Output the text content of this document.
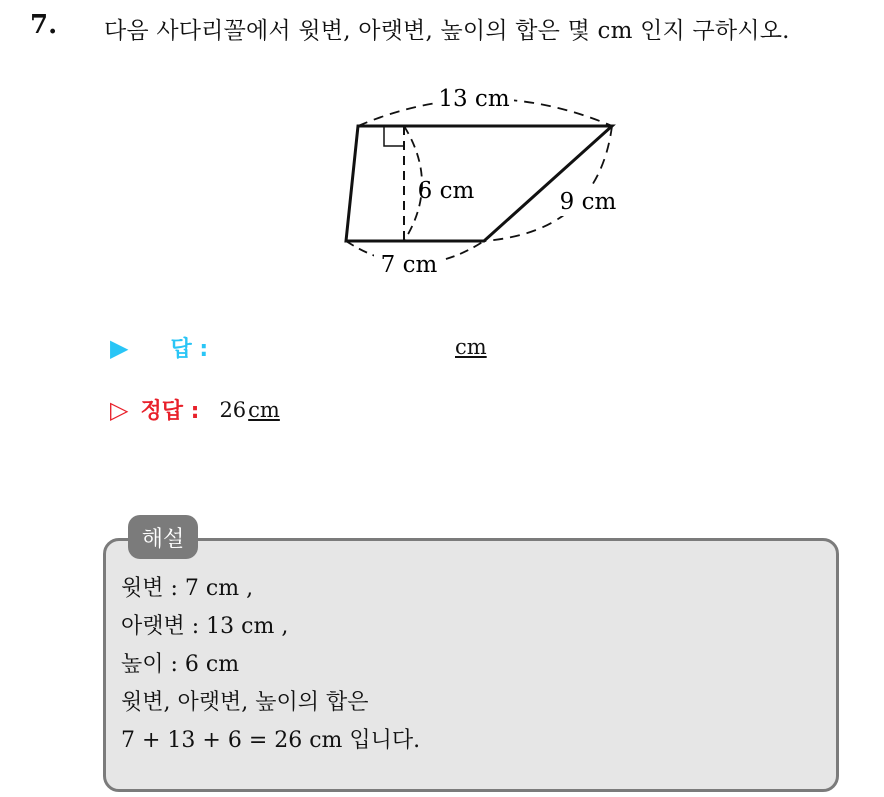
7. 다음 사다리꼴에서 윗변, 아랫변, 높이의 합은 몇 cm 인지 구하시오.
13 cm
6 cm	9 cm
7 cm
▶ 답 :	cm
▷ 정답 : 26 cm
해설
윗변 : 7 cm ,
아랫변 : 13 cm ,
높이 : 6 cm
윗변, 아랫변, 높이의 합은
7 + 13 + 6 = 26 cm 입니다.
